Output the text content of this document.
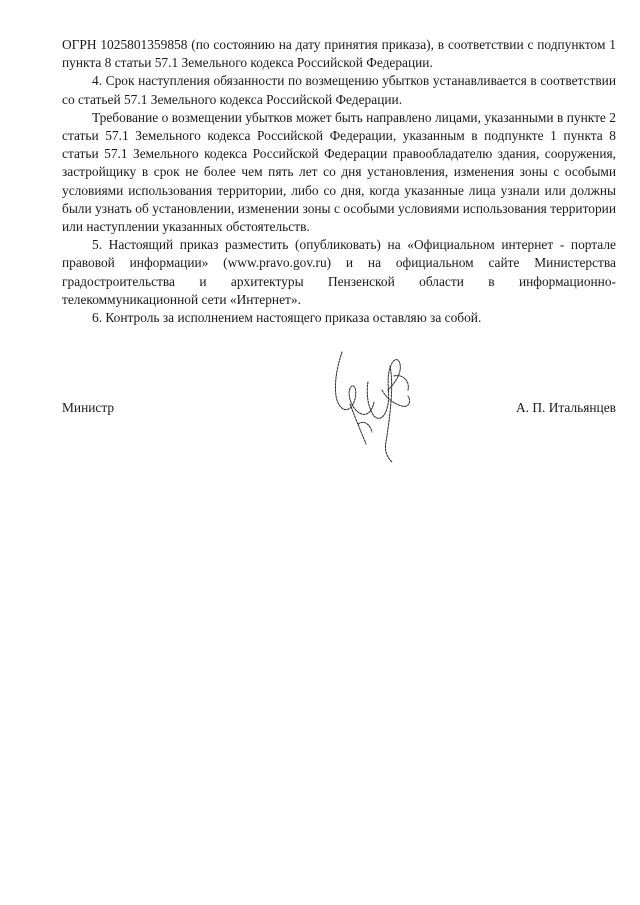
ОГРН 1025801359858 (по состоянию на дату принятия приказа), в соответствии с подпунктом 1 пункта 8 статьи 57.1 Земельного кодекса Российской Федерации.

4. Срок наступления обязанности по возмещению убытков устанавливается в соответствии со статьей 57.1 Земельного кодекса Российской Федерации.

Требование о возмещении убытков может быть направлено лицами, указанными в пункте 2 статьи 57.1 Земельного кодекса Российской Федерации, указанным в подпункте 1 пункта 8 статьи 57.1 Земельного кодекса Российской Федерации правообладателю здания, сооружения, застройщику в срок не более чем пять лет со дня установления, изменения зоны с особыми условиями использования территории, либо со дня, когда указанные лица узнали или должны были узнать об установлении, изменении зоны с особыми условиями использования территории или наступлении указанных обстоятельств.

5. Настоящий приказ разместить (опубликовать) на «Официальном интернет - портале правовой информации» (www.pravo.gov.ru) и на официальном сайте Министерства градостроительства и архитектуры Пензенской области в информационно-телекоммуникационной сети «Интернет».

6. Контроль за исполнением настоящего приказа оставляю за собой.

Министр	А. П. Итальянцев
